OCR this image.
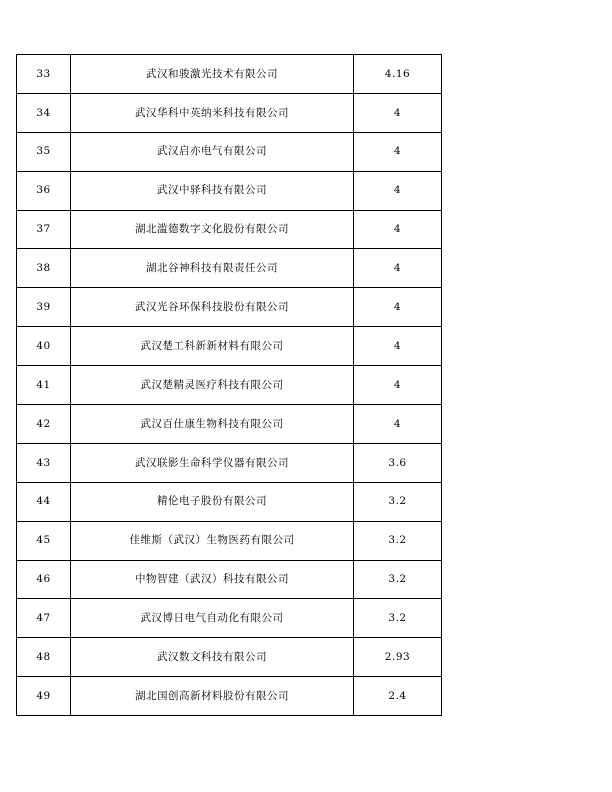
33	武汉和骏激光技术有限公司	4.16
34	武汉华科中英纳米科技有限公司	4
35	武汉启亦电气有限公司	4
36	武汉中驿科技有限公司	4
37	湖北滥德数字文化股份有限公司	4
38	湖北谷神科技有限责任公司	4
39	武汉光谷环保科技股份有限公司	4
40	武汉楚工科新新材料有限公司	4
41	武汉楚精灵医疗科技有限公司	4
42	武汉百仕康生物科技有限公司	4
43	武汉联影生命科学仪器有限公司	3.6
44	精伦电子股份有限公司	3.2
45	佳维斯（武汉）生物医药有限公司	3.2
46	中物智建（武汉）科技有限公司	3.2
47	武汉博日电气自动化有限公司	3.2
48	武汉数文科技有限公司	2.93
49	湖北国创高新材料股份有限公司	2.4
